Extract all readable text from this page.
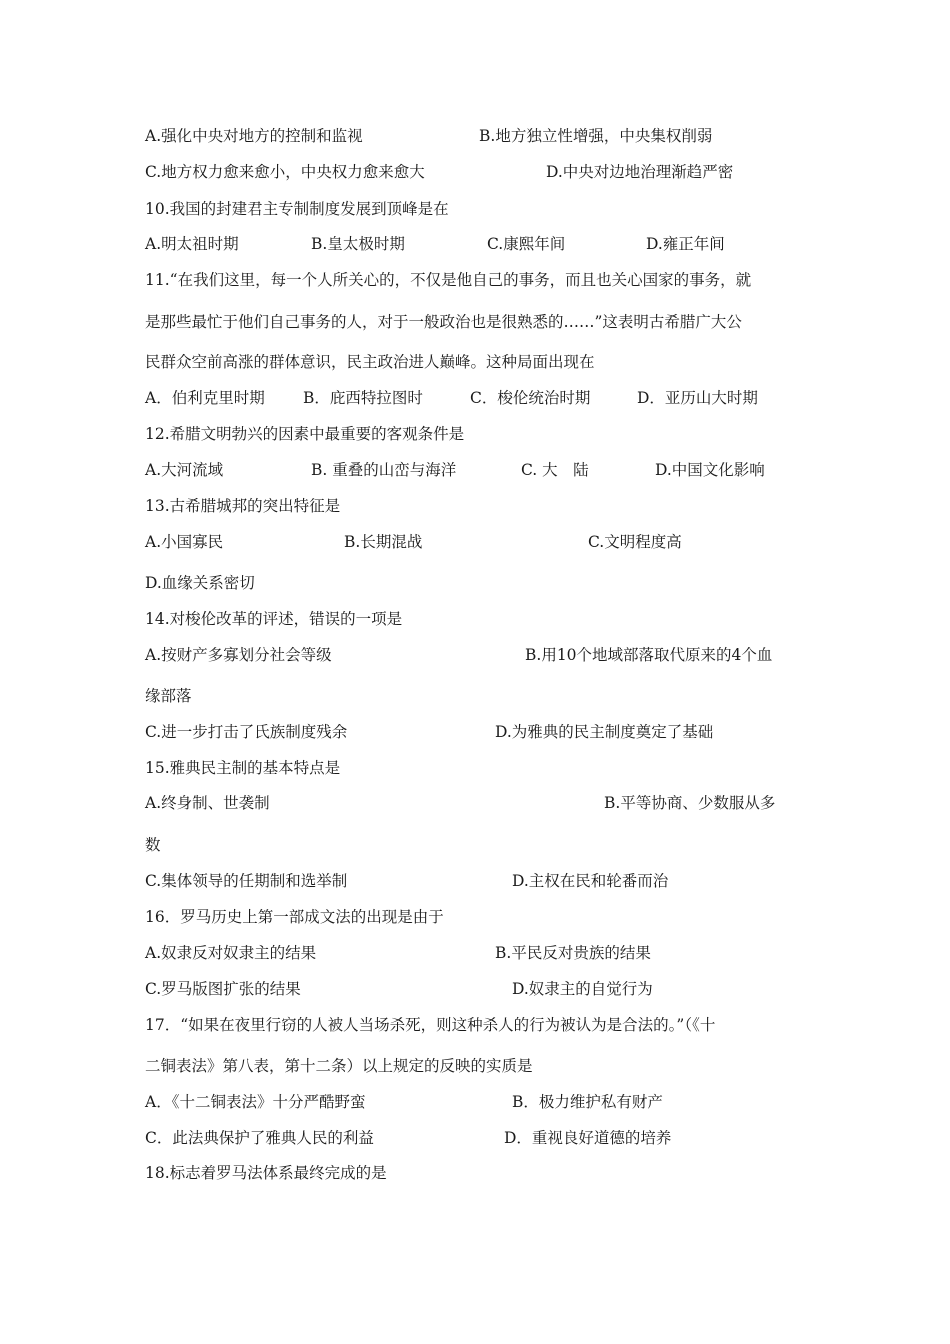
A.强化中央对地方的控制和监视	B.地方独立性增强，中央集权削弱
C.地方权力愈来愈小，中央权力愈来愈大	D.中央对边地治理渐趋严密
10.我国的封建君主专制制度发展到顶峰是在
A.明太祖时期	B.皇太极时期	C.康熙年间	D.雍正年间
11.“在我们这里，每一个人所关心的，不仅是他自己的事务，而且也关心国家的事务，就
是那些最忙于他们自己事务的人，对于一般政治也是很熟悉的……”这表明古希腊广大公
民群众空前高涨的群体意识，民主政治进人巅峰。这种局面出现在
A．伯利克里时期 B．庇西特拉图时	C．梭伦统治时期	D．亚历山大时期
12.希腊文明勃兴的因素中最重要的客观条件是
A.大河流域	B. 重叠的山峦与海洋	C. 大　陆	D.中国文化影响
13.古希腊城邦的突出特征是
A.小国寡民	B.长期混战	C.文明程度高
D.血缘关系密切
14.对梭伦改革的评述，错误的一项是
A.按财产多寡划分社会等级	B.用10个地域部落取代原来的4个血
缘部落
C.进一步打击了氏族制度残余	D.为雅典的民主制度奠定了基础
15.雅典民主制的基本特点是
A.终身制、世袭制	B.平等协商、少数服从多
数
C.集体领导的任期制和选举制	D.主权在民和轮番而治
16．罗马历史上第一部成文法的出现是由于
A.奴隶反对奴隶主的结果	B.平民反对贵族的结果
C.罗马版图扩张的结果	D.奴隶主的自觉行为
17．“如果在夜里行窃的人被人当场杀死，则这种杀人的行为被认为是合法的。”（《十
二铜表法》第八表，第十二条）以上规定的反映的实质是
A．《十二铜表法》十分严酷野蛮	B．极力维护私有财产
C．此法典保护了雅典人民的利益	D．重视良好道德的培养
18.标志着罗马法体系最终完成的是
